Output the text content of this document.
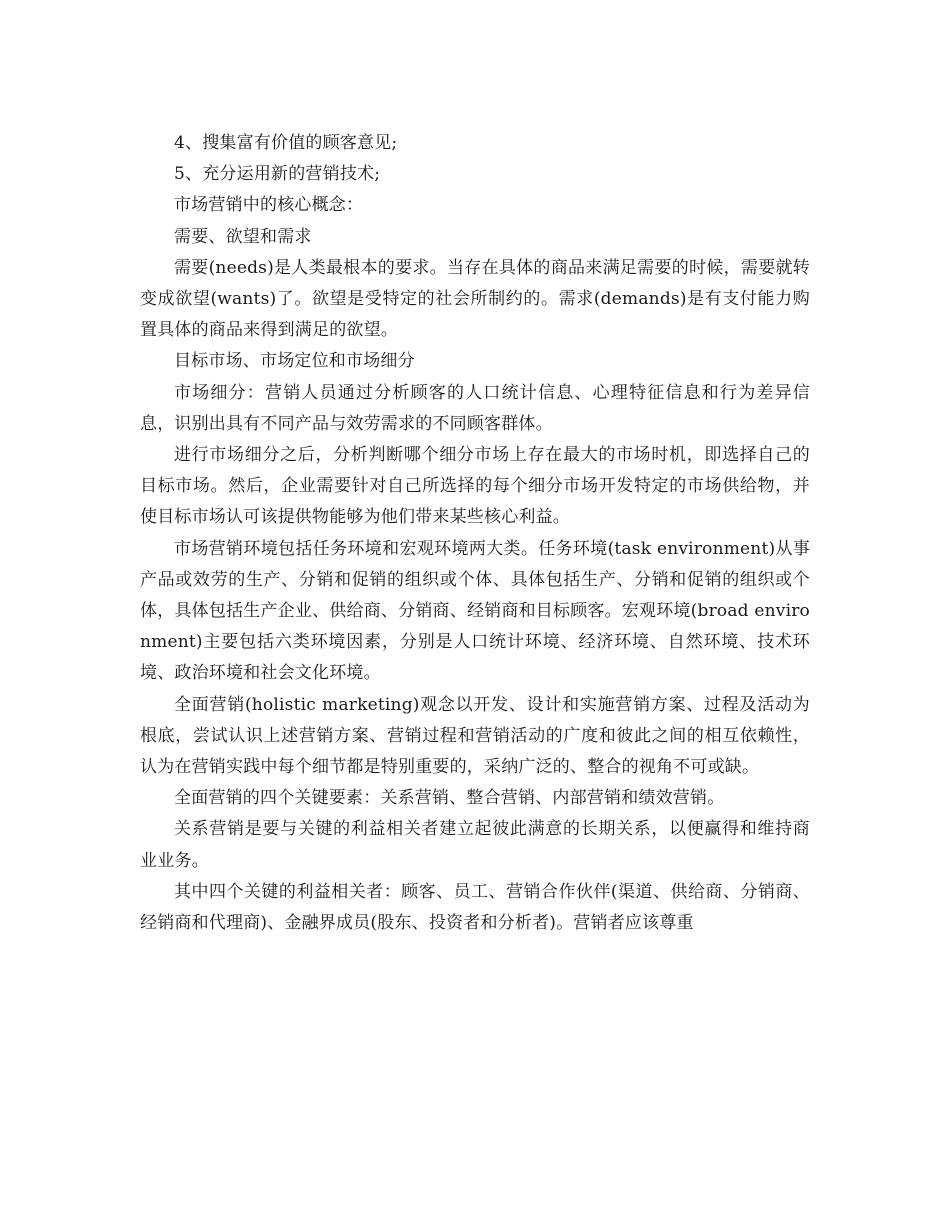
4、搜集富有价值的顾客意见;

5、充分运用新的营销技术;

市场营销中的核心概念：

需要、欲望和需求

需要(needs)是人类最根本的要求。当存在具体的商品来满足需要的时候，需要就转变成欲望(wants)了。欲望是受特定的社会所制约的。需求(demands)是有支付能力购置具体的商品来得到满足的欲望。

目标市场、市场定位和市场细分

市场细分：营销人员通过分析顾客的人口统计信息、心理特征信息和行为差异信息，识别出具有不同产品与效劳需求的不同顾客群体。

进行市场细分之后，分析判断哪个细分市场上存在最大的市场时机，即选择自己的目标市场。然后，企业需要针对自己所选择的每个细分市场开发特定的市场供给物，并使目标市场认可该提供物能够为他们带来某些核心利益。

市场营销环境包括任务环境和宏观环境两大类。任务环境(task environment)从事产品或效劳的生产、分销和促销的组织或个体、具体包括生产、分销和促销的组织或个体，具体包括生产企业、供给商、分销商、经销商和目标顾客。宏观环境(broad environment)主要包括六类环境因素，分别是人口统计环境、经济环境、自然环境、技术环境、政治环境和社会文化环境。

全面营销(holistic marketing)观念以开发、设计和实施营销方案、过程及活动为根底，尝试认识上述营销方案、营销过程和营销活动的广度和彼此之间的相互依赖性，认为在营销实践中每个细节都是特别重要的，采纳广泛的、整合的视角不可或缺。

全面营销的四个关键要素：关系营销、整合营销、内部营销和绩效营销。

关系营销是要与关键的利益相关者建立起彼此满意的长期关系，以便赢得和维持商业业务。

其中四个关键的利益相关者：顾客、员工、营销合作伙伴(渠道、供给商、分销商、经销商和代理商)、金融界成员(股东、投资者和分析者)。营销者应该尊重
